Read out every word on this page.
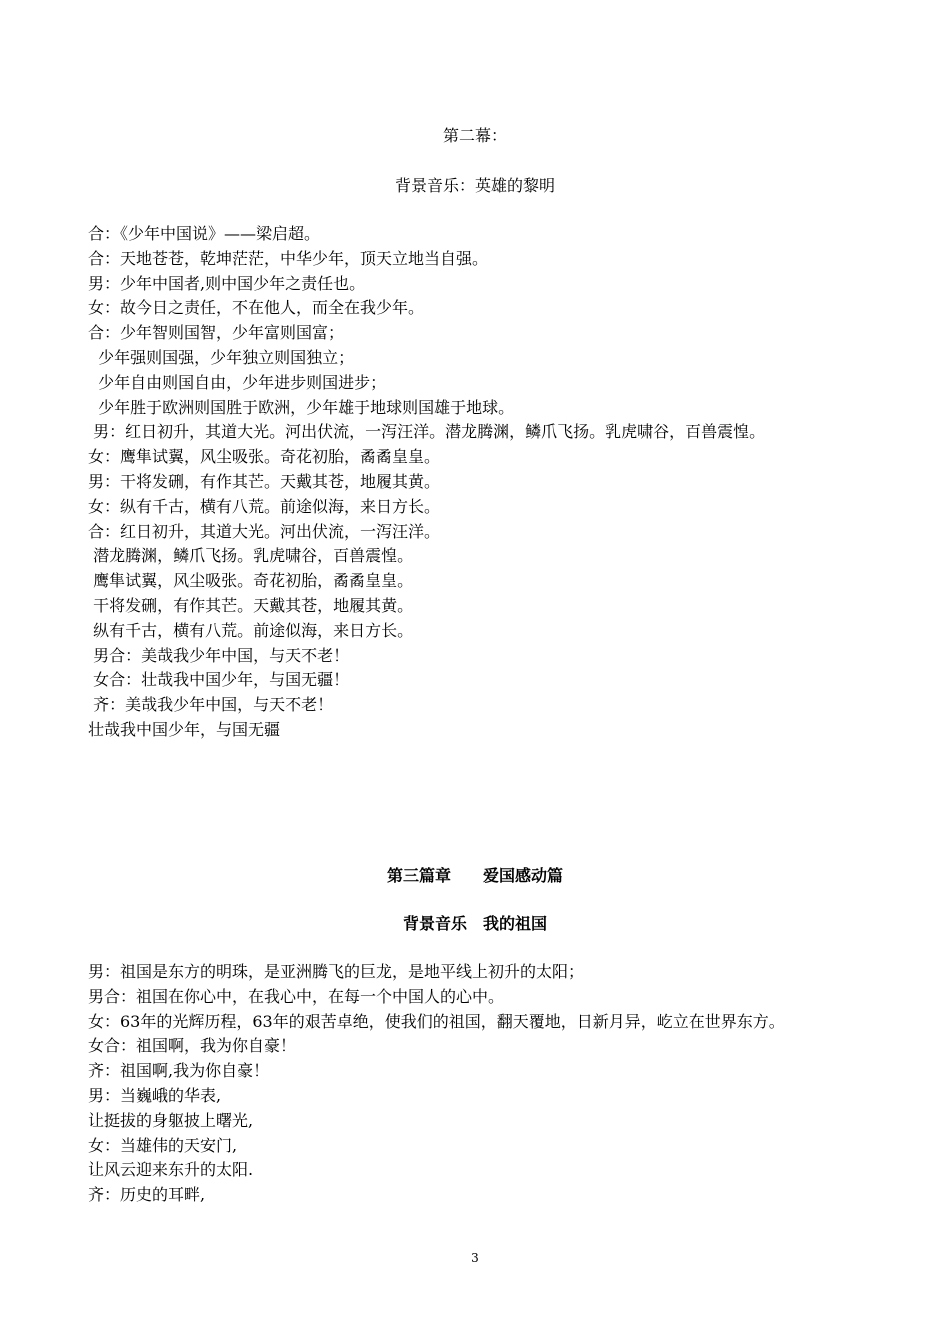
第二幕：
背景音乐：英雄的黎明
合：《少年中国说》——梁启超。
合：天地苍苍，乾坤茫茫，中华少年，顶天立地当自强。
男：少年中国者,则中国少年之责任也。
女：故今日之责任，不在他人，而全在我少年。
合：少年智则国智，少年富则国富；
少年强则国强，少年独立则国独立；
少年自由则国自由，少年进步则国进步；
少年胜于欧洲则国胜于欧洲，少年雄于地球则国雄于地球。
男：红日初升，其道大光。河出伏流，一泻汪洋。潜龙腾渊，鳞爪飞扬。乳虎啸谷，百兽震惶。
女：鹰隼试翼，风尘吸张。奇花初胎，矞矞皇皇。
男：干将发硎，有作其芒。天戴其苍，地履其黄。
女：纵有千古，横有八荒。前途似海，来日方长。
合：红日初升，其道大光。河出伏流，一泻汪洋。
潜龙腾渊，鳞爪飞扬。乳虎啸谷，百兽震惶。
鹰隼试翼，风尘吸张。奇花初胎，矞矞皇皇。
干将发硎，有作其芒。天戴其苍，地履其黄。
纵有千古，横有八荒。前途似海，来日方长。
男合：美哉我少年中国，与天不老！
女合：壮哉我中国少年，与国无疆！
齐：美哉我少年中国，与天不老！
壮哉我中国少年，与国无疆
第三篇章　　爱国感动篇
背景音乐　我的祖国
男：祖国是东方的明珠，是亚洲腾飞的巨龙，是地平线上初升的太阳；
男合：祖国在你心中，在我心中，在每一个中国人的心中。
女：63年的光辉历程，63年的艰苦卓绝，使我们的祖国，翻天覆地，日新月异，屹立在世界东方。
女合：祖国啊，我为你自豪！
齐：祖国啊,我为你自豪！
男：当巍峨的华表,
让挺拔的身躯披上曙光,
女：当雄伟的天安门,
让风云迎来东升的太阳.
齐：历史的耳畔,
3
